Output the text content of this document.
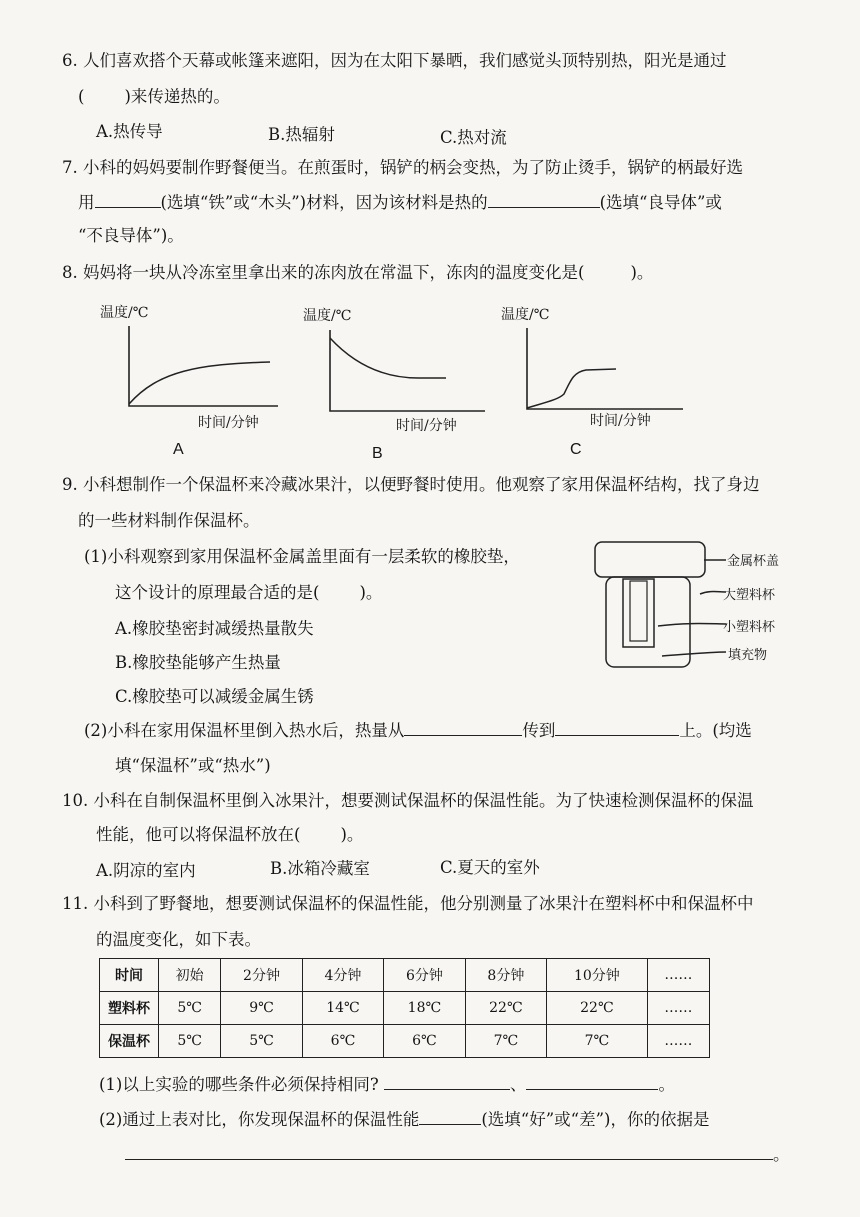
6. 人们喜欢搭个天幕或帐篷来遮阳，因为在太阳下暴晒，我们感觉头顶特别热，阳光是通过
( )来传递热的。
A.热传导	B.热辐射	C.热对流
7. 小科的妈妈要制作野餐便当。在煎蛋时，锅铲的柄会变热，为了防止烫手，锅铲的柄最好选
用	(选填“铁”或“木头”)材料，因为该材料是热的	(选填“良导体”或
“不良导体”)。
8. 妈妈将一块从冷冻室里拿出来的冻肉放在常温下，冻肉的温度变化是(	)。
温度/℃
时间/分钟
A
温度/℃
时间/分钟
B
温度/℃
时间/分钟
C
9. 小科想制作一个保温杯来冷藏冰果汁，以便野餐时使用。他观察了家用保温杯结构，找了身边
的一些材料制作保温杯。
(1)小科观察到家用保温杯金属盖里面有一层柔软的橡胶垫，
这个设计的原理最合适的是( )。
A.橡胶垫密封减缓热量散失
B.橡胶垫能够产生热量
C.橡胶垫可以减缓金属生锈
金属杯盖
大塑料杯
小塑料杯
填充物
(2)小科在家用保温杯里倒入热水后，热量从	传到	上。(均选
填“保温杯”或“热水”)
10. 小科在自制保温杯里倒入冰果汁，想要测试保温杯的保温性能。为了快速检测保温杯的保温
性能，他可以将保温杯放在( )。
A.阴凉的室内	B.冰箱冷藏室	C.夏天的室外
11. 小科到了野餐地，想要测试保温杯的保温性能，他分别测量了冰果汁在塑料杯中和保温杯中
的温度变化，如下表。
时间	初始	2分钟	4分钟	6分钟	8分钟	10分钟	……
塑料杯	5℃	9℃	14℃	18℃	22℃	22℃	……
保温杯	5℃	5℃	6℃	6℃	7℃	7℃	……
(1)以上实验的哪些条件必须保持相同?	、	。
(2)通过上表对比，你发现保温杯的保温性能	(选填“好”或“差”)，你的依据是
。
